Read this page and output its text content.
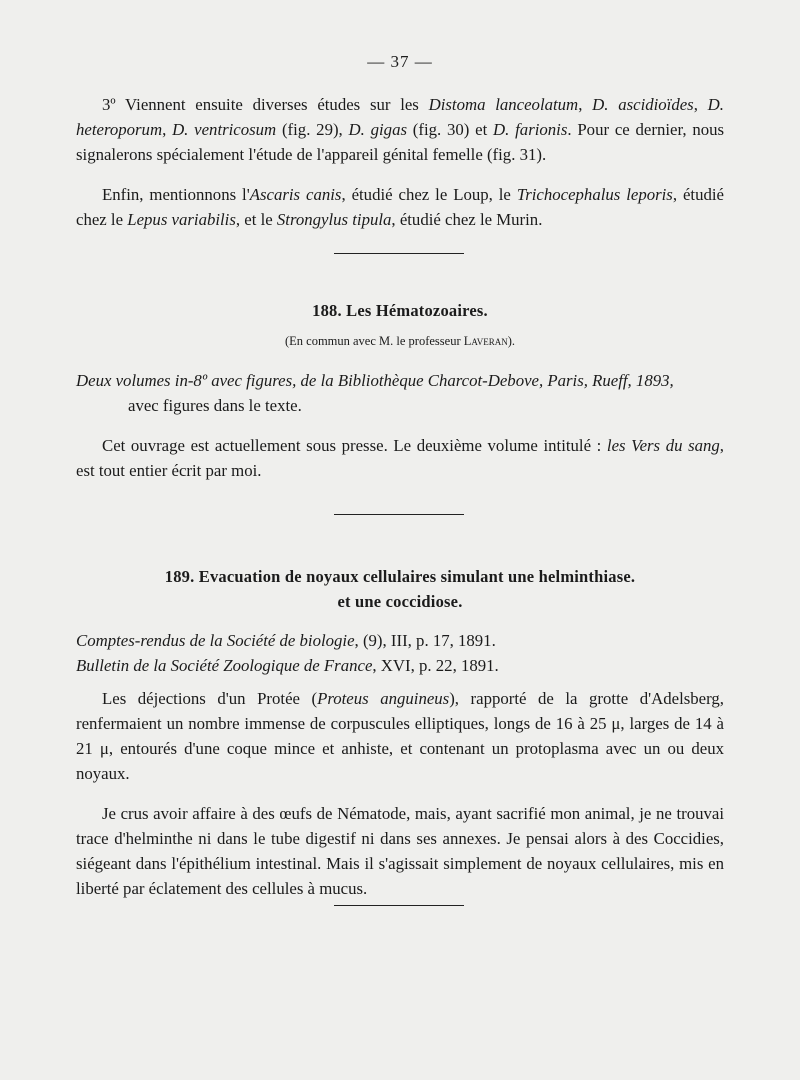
— 37 —

3º Viennent ensuite diverses études sur les Distoma lanceolatum, D. ascidioïdes, D. heteroporum, D. ventricosum (fig. 29), D. gigas (fig. 30) et D. farionis. Pour ce dernier, nous signalerons spécialement l'étude de l'appareil génital femelle (fig. 31).

Enfin, mentionnons l'Ascaris canis, étudié chez le Loup, le Trichocephalus leporis, étudié chez le Lepus variabilis, et le Strongylus tipula, étudié chez le Murin.

188. Les Hématozoaires.
(En commun avec M. le professeur Laveran).

Deux volumes in-8º avec figures, de la Bibliothèque Charcot-Debove, Paris, Rueff, 1893,

avec figures dans le texte.

Cet ouvrage est actuellement sous presse. Le deuxième volume intitulé : les Vers du sang, est tout entier écrit par moi.

189. Evacuation de noyaux cellulaires simulant une helminthiase.
et une coccidiose.

Comptes-rendus de la Société de biologie, (9), III, p. 17, 1891.

Bulletin de la Société Zoologique de France, XVI, p. 22, 1891.

Les déjections d'un Protée (Proteus anguineus), rapporté de la grotte d'Adelsberg, renfermaient un nombre immense de corpuscules elliptiques, longs de 16 à 25 μ, larges de 14 à 21 μ, entourés d'une coque mince et anhiste, et contenant un protoplasma avec un ou deux noyaux.

Je crus avoir affaire à des œufs de Nématode, mais, ayant sacrifié mon animal, je ne trouvai trace d'helminthe ni dans le tube digestif ni dans ses annexes. Je pensai alors à des Coccidies, siégeant dans l'épithélium intestinal. Mais il s'agissait simplement de noyaux cellulaires, mis en liberté par éclatement des cellules à mucus.
